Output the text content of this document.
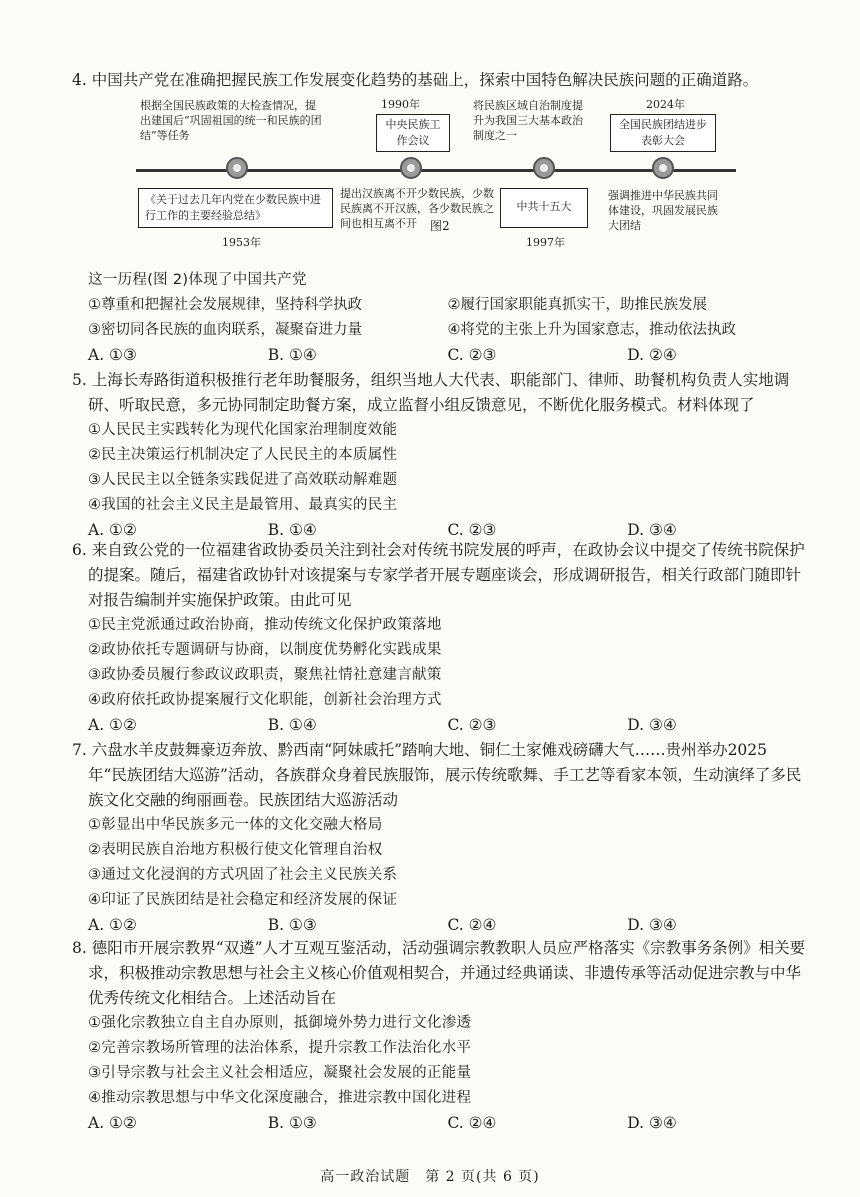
4. 中国共产党在准确把握民族工作发展变化趋势的基础上，探索中国特色解决民族问题的正确道路。

根据全国民族政策的大检查情况，提出建国后“巩固祖国的统一和民族的团结”等任务
1990年
中央民族工作会议
将民族区域自治制度提升为我国三大基本政治制度之一
2024年
全国民族团结进步表彰大会
《关于过去几年内党在少数民族中进行工作的主要经验总结》
1953年
提出汉族离不开少数民族，少数民族离不开汉族，各少数民族之间也相互离不开
中共十五大
1997年
强调推进中华民族共同体建设，巩固发展民族大团结
图2

这一历程(图 2)体现了中国共产党

①尊重和把握社会发展规律，坚持科学执政	②履行国家职能真抓实干，助推民族发展
③密切同各民族的血肉联系，凝聚奋进力量	④将党的主张上升为国家意志，推动依法执政
A. ①③	B. ①④	C. ②③	D. ②④

5. 上海长寿路街道积极推行老年助餐服务，组织当地人大代表、职能部门、律师、助餐机构负责人实地调研、听取民意，多元协同制定助餐方案，成立监督小组反馈意见，不断优化服务模式。材料体现了

①人民民主实践转化为现代化国家治理制度效能

②民主决策运行机制决定了人民民主的本质属性

③人民民主以全链条实践促进了高效联动解难题

④我国的社会主义民主是最管用、最真实的民主

A. ①②	B. ①④	C. ②③	D. ③④

6. 来自致公党的一位福建省政协委员关注到社会对传统书院发展的呼声，在政协会议中提交了传统书院保护的提案。随后，福建省政协针对该提案与专家学者开展专题座谈会，形成调研报告，相关行政部门随即针对报告编制并实施保护政策。由此可见

①民主党派通过政治协商，推动传统文化保护政策落地

②政协依托专题调研与协商，以制度优势孵化实践成果

③政协委员履行参政议政职责，聚焦社情社意建言献策

④政府依托政协提案履行文化职能，创新社会治理方式

A. ①②	B. ①④	C. ②③	D. ③④

7. 六盘水羊皮鼓舞豪迈奔放、黔西南“阿妹戚托”踏响大地、铜仁土家傩戏磅礴大气……贵州举办2025 年“民族团结大巡游”活动，各族群众身着民族服饰，展示传统歌舞、手工艺等看家本领，生动演绎了多民族文化交融的绚丽画卷。民族团结大巡游活动

①彰显出中华民族多元一体的文化交融大格局

②表明民族自治地方积极行使文化管理自治权

③通过文化浸润的方式巩固了社会主义民族关系

④印证了民族团结是社会稳定和经济发展的保证

A. ①②	B. ①③	C. ②④	D. ③④

8. 德阳市开展宗教界“双遴”人才互观互鉴活动，活动强调宗教教职人员应严格落实《宗教事务条例》相关要求，积极推动宗教思想与社会主义核心价值观相契合，并通过经典诵读、非遗传承等活动促进宗教与中华优秀传统文化相结合。上述活动旨在

①强化宗教独立自主自办原则，抵御境外势力进行文化渗透

②完善宗教场所管理的法治体系，提升宗教工作法治化水平

③引导宗教与社会主义社会相适应，凝聚社会发展的正能量

④推动宗教思想与中华文化深度融合，推进宗教中国化进程

A. ①②	B. ①③	C. ②④	D. ③④
高一政治试题　第 2 页(共 6 页)
